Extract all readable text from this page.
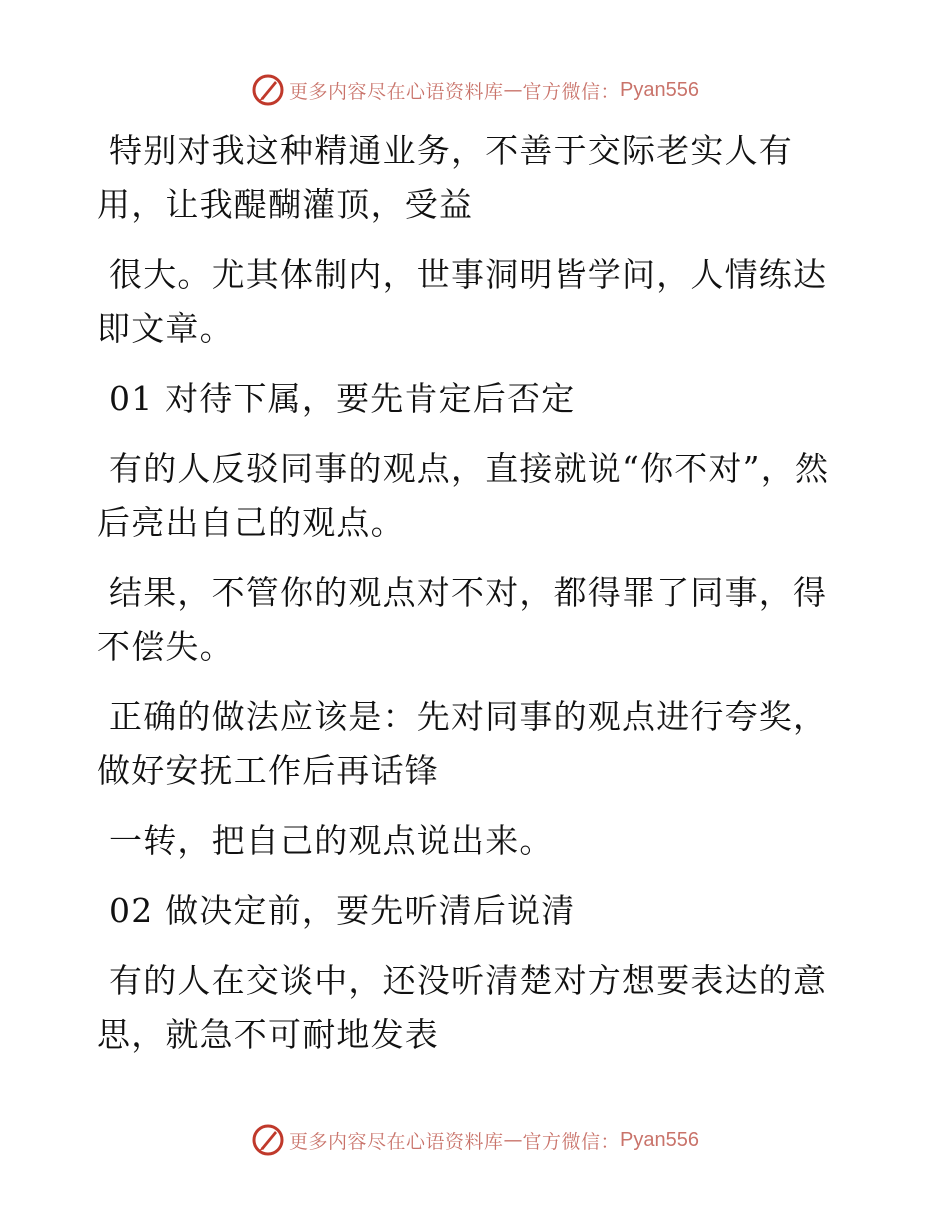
更多内容尽在心语资料库 — 官方微信： Pyan556

特别对我这种精通业务，不善于交际老实人有用，让我醍醐灌顶，受益

很大。尤其体制内，世事洞明皆学问，人情练达即文章。

01 对待下属，要先肯定后否定

有的人反驳同事的观点，直接就说“你不对”，然后亮出自己的观点。

结果，不管你的观点对不对，都得罪了同事，得不偿失。

正确的做法应该是：先对同事的观点进行夸奖，做好安抚工作后再话锋

一转，把自己的观点说出来。

02 做决定前，要先听清后说清

有的人在交谈中，还没听清楚对方想要表达的意思，就急不可耐地发表

更多内容尽在心语资料库 — 官方微信： Pyan556
